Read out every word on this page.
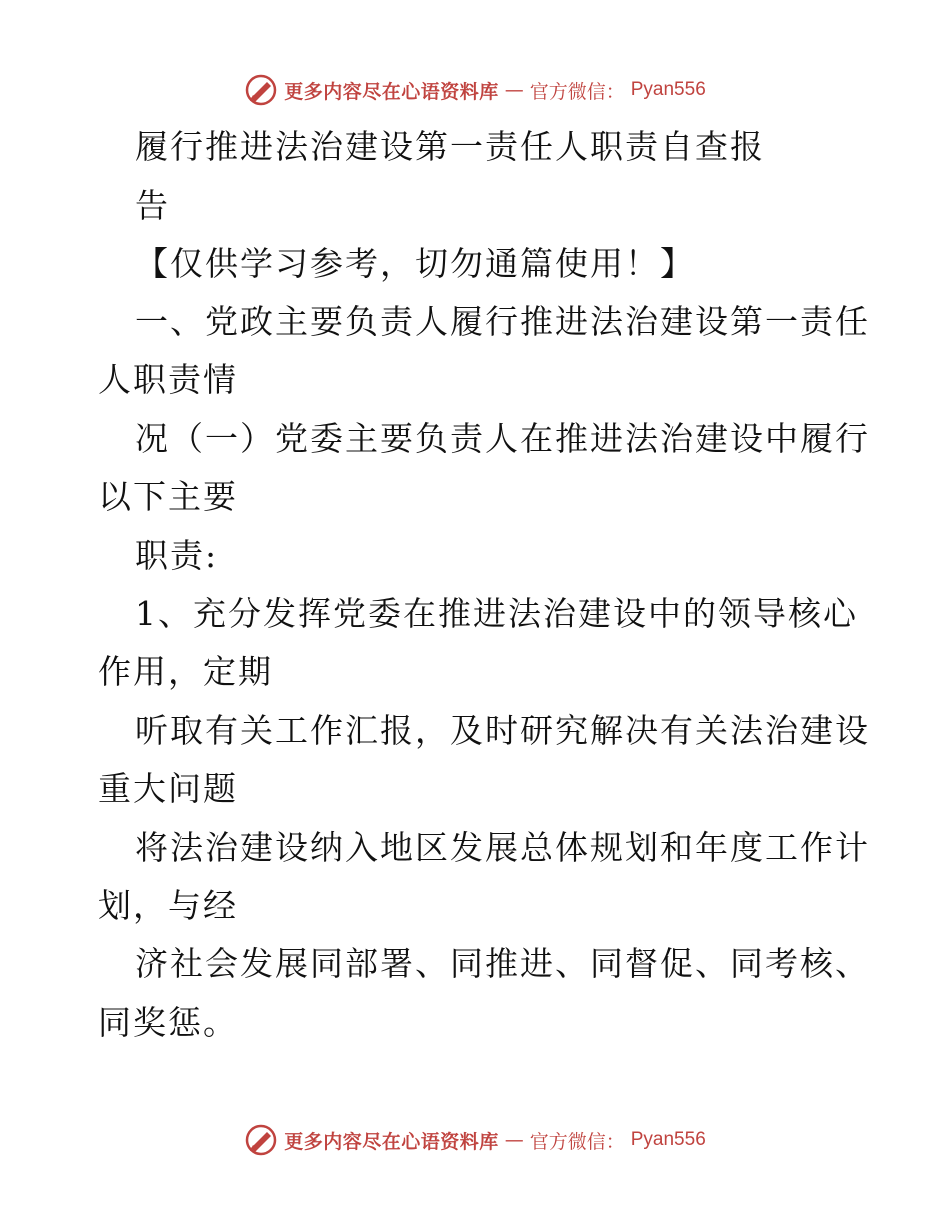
更多内容尽在心语资料库 — 官方微信： Pyan556
履行推进法治建设第一责任人职责自查报
告
【仅供学习参考，切勿通篇使用！】
一、党政主要负责人履行推进法治建设第一责任
人职责情
况（一）党委主要负责人在推进法治建设中履行
以下主要
职责:
1、充分发挥党委在推进法治建设中的领导核心
作用，定期
听取有关工作汇报，及时研究解决有关法治建设
重大问题
将法治建设纳入地区发展总体规划和年度工作计
划，与经
济社会发展同部署、同推进、同督促、同考核、
同奖惩。
更多内容尽在心语资料库 — 官方微信： Pyan556
